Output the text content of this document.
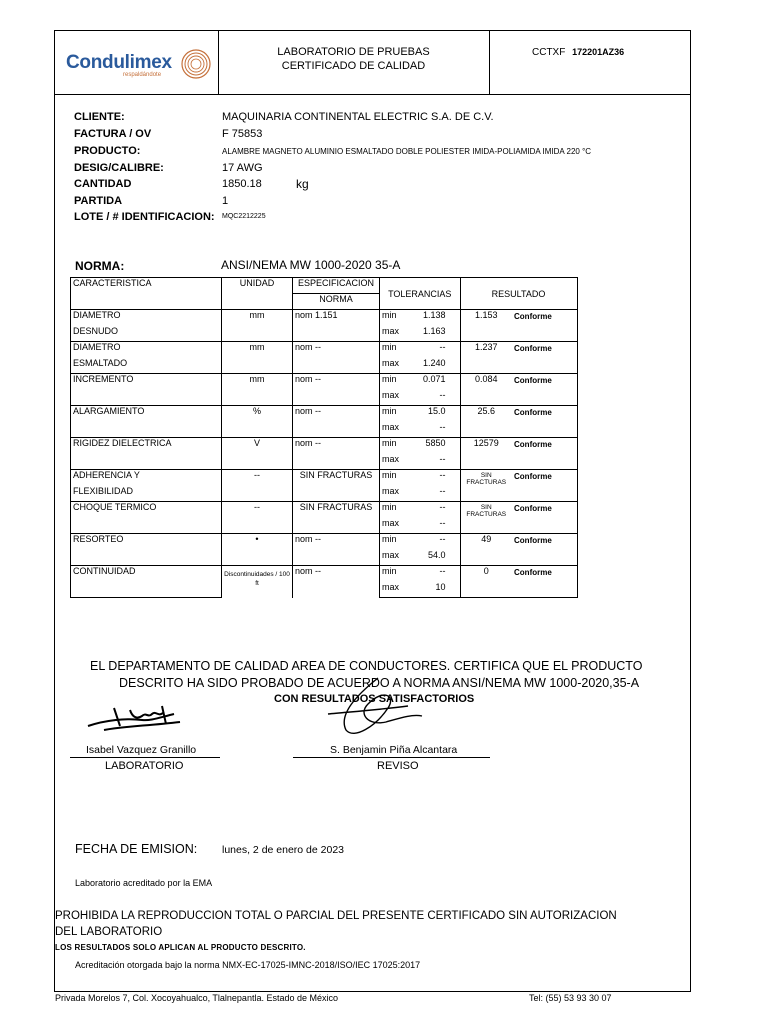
Condulimex
respaldándote
LABORATORIO DE PRUEBAS
CERTIFICADO DE CALIDAD
CCTXF 172201AZ36
CLIENTE:	MAQUINARIA CONTINENTAL ELECTRIC S.A. DE C.V.
FACTURA / OV	F 75853
PRODUCTO:	ALAMBRE MAGNETO ALUMINIO ESMALTADO DOBLE POLIESTER IMIDA-POLIAMIDA IMIDA 220 °C
DESIG/CALIBRE:	17 AWG
CANTIDAD	1850.18	kg
PARTIDA	1
LOTE / # IDENTIFICACION: MQC2212225
NORMA:	ANSI/NEMA MW 1000-2020 35-A
CARACTERISTICA	UNIDAD	ESPECIFICACION	TOLERANCIAS		RESULTADO	
		NORMA				
DIAMETRO	mm	nom 1.151	min	1.138	1.153	Conforme
DESNUDO			max	1.163		
DIAMETRO	mm	nom --	min	--	1.237	Conforme
ESMALTADO			max	1.240		
INCREMENTO	mm	nom --	min	0.071	0.084	Conforme
			max	--		
ALARGAMIENTO	%	nom --	min	15.0	25.6	Conforme
			max	--		
RIGIDEZ DIELECTRICA	V	nom --	min	5850	12579	Conforme
			max	--		
ADHERENCIA Y	--	SIN FRACTURAS	min	--	SIN FRACTURAS	Conforme
FLEXIBILIDAD			max	--		
CHOQUE TERMICO	--	SIN FRACTURAS	min	--	SIN FRACTURAS	Conforme
			max	--		
RESORTEO	•	nom --	min	--	49	Conforme
			max	54.0		
CONTINUIDAD	Discontinuidades / 100 ft	nom --	min	--	0	Conforme
			max	10		
EL DEPARTAMENTO DE CALIDAD AREA DE CONDUCTORES. CERTIFICA QUE EL PRODUCTO
DESCRITO HA SIDO PROBADO DE ACUERDO A NORMA ANSI/NEMA MW 1000-2020,35-A
CON RESULTADOS SATISFACTORIOS
Isabel Vazquez Granillo
LABORATORIO
S. Benjamin Piña Alcantara
REVISO
FECHA DE EMISION: lunes, 2 de enero de 2023
Laboratorio acreditado por la EMA
PROHIBIDA LA REPRODUCCION TOTAL O PARCIAL DEL PRESENTE CERTIFICADO SIN AUTORIZACION
DEL LABORATORIO
LOS RESULTADOS SOLO APLICAN AL PRODUCTO DESCRITO.
Acreditación otorgada bajo la norma NMX-EC-17025-IMNC-2018/ISO/IEC 17025:2017
Privada Morelos 7, Col. Xocoyahualco, Tlalnepantla. Estado de México	Tel: (55) 53 93 30 07
